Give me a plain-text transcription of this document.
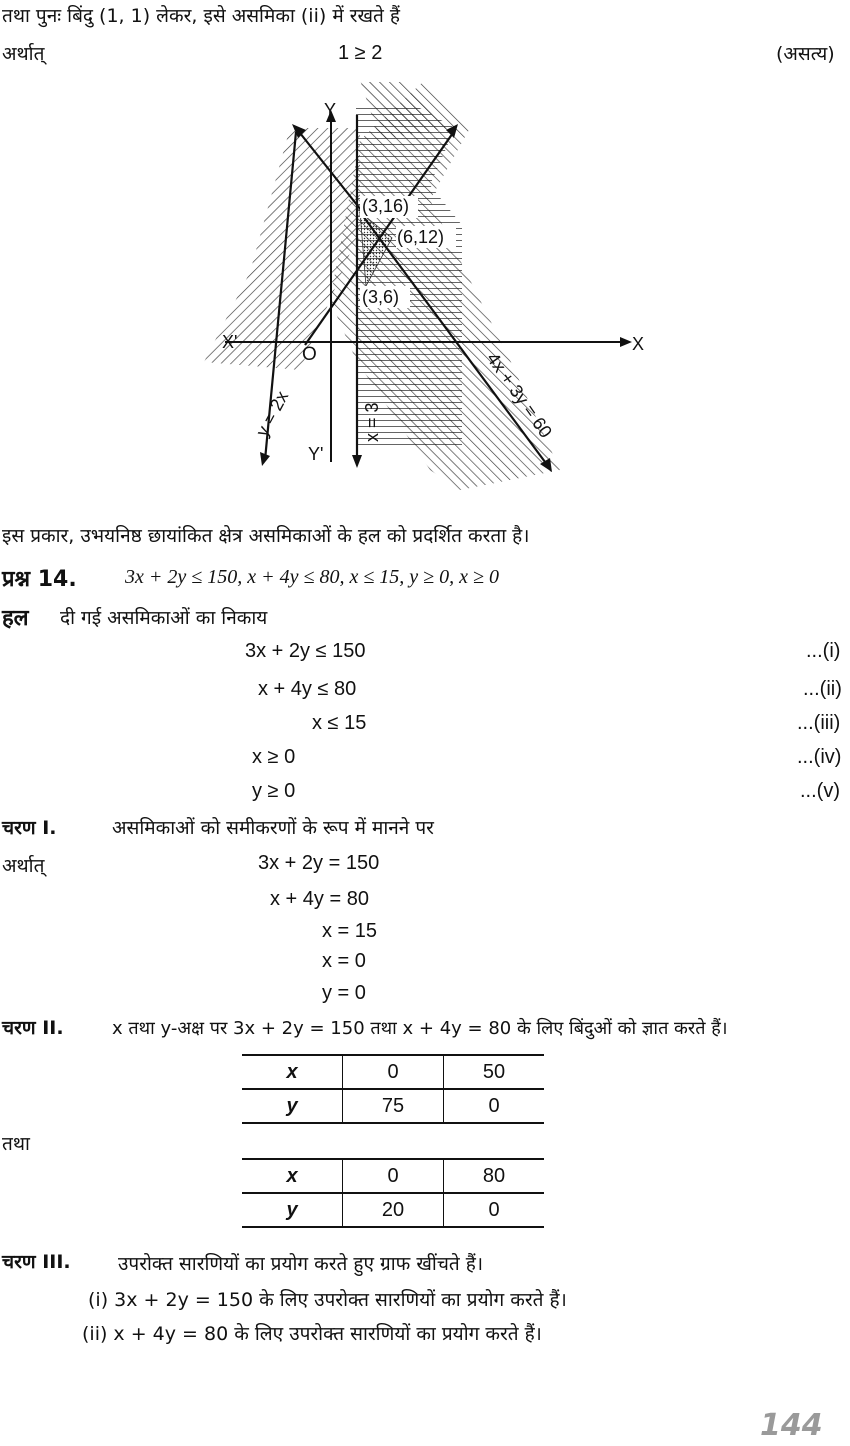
तथा पुनः बिंदु (1, 1) लेकर, इसे असमिका (ii) में रखते हैं
अर्थात्	1 ≥ 2	(असत्य)
Y
X
X'
Y'
O
(3,16)
(6,12)
(3,6)
y = 2x	x = 3	4x + 3y = 60
इस प्रकार, उभयनिष्ठ छायांकित क्षेत्र असमिकाओं के हल को प्रदर्शित करता है।
प्रश्न 14. 3x + 2y ≤ 150, x + 4y ≤ 80, x ≤ 15, y ≥ 0, x ≥ 0
हल दी गई असमिकाओं का निकाय
3x + 2y ≤ 150	...(i)
x + 4y ≤ 80	...(ii)
x ≤ 15	...(iii)
x ≥ 0	...(iv)
y ≥ 0	...(v)
चरण I.	असमिकाओं को समीकरणों के रूप में मानने पर
अर्थात्	3x + 2y = 150
x + 4y = 80
x = 15
x = 0
y = 0
चरण II.	x तथा y-अक्ष पर 3x + 2y = 150 तथा x + 4y = 80 के लिए बिंदुओं को ज्ञात करते हैं।
x	0	50
y	75	0
तथा
x	0	80
y	20	0
चरण III. उपरोक्त सारणियों का प्रयोग करते हुए ग्राफ खींचते हैं।
(i) 3x + 2y = 150 के लिए उपरोक्त सारणियों का प्रयोग करते हैं।
(ii) x + 4y = 80 के लिए उपरोक्त सारणियों का प्रयोग करते हैं।
144
